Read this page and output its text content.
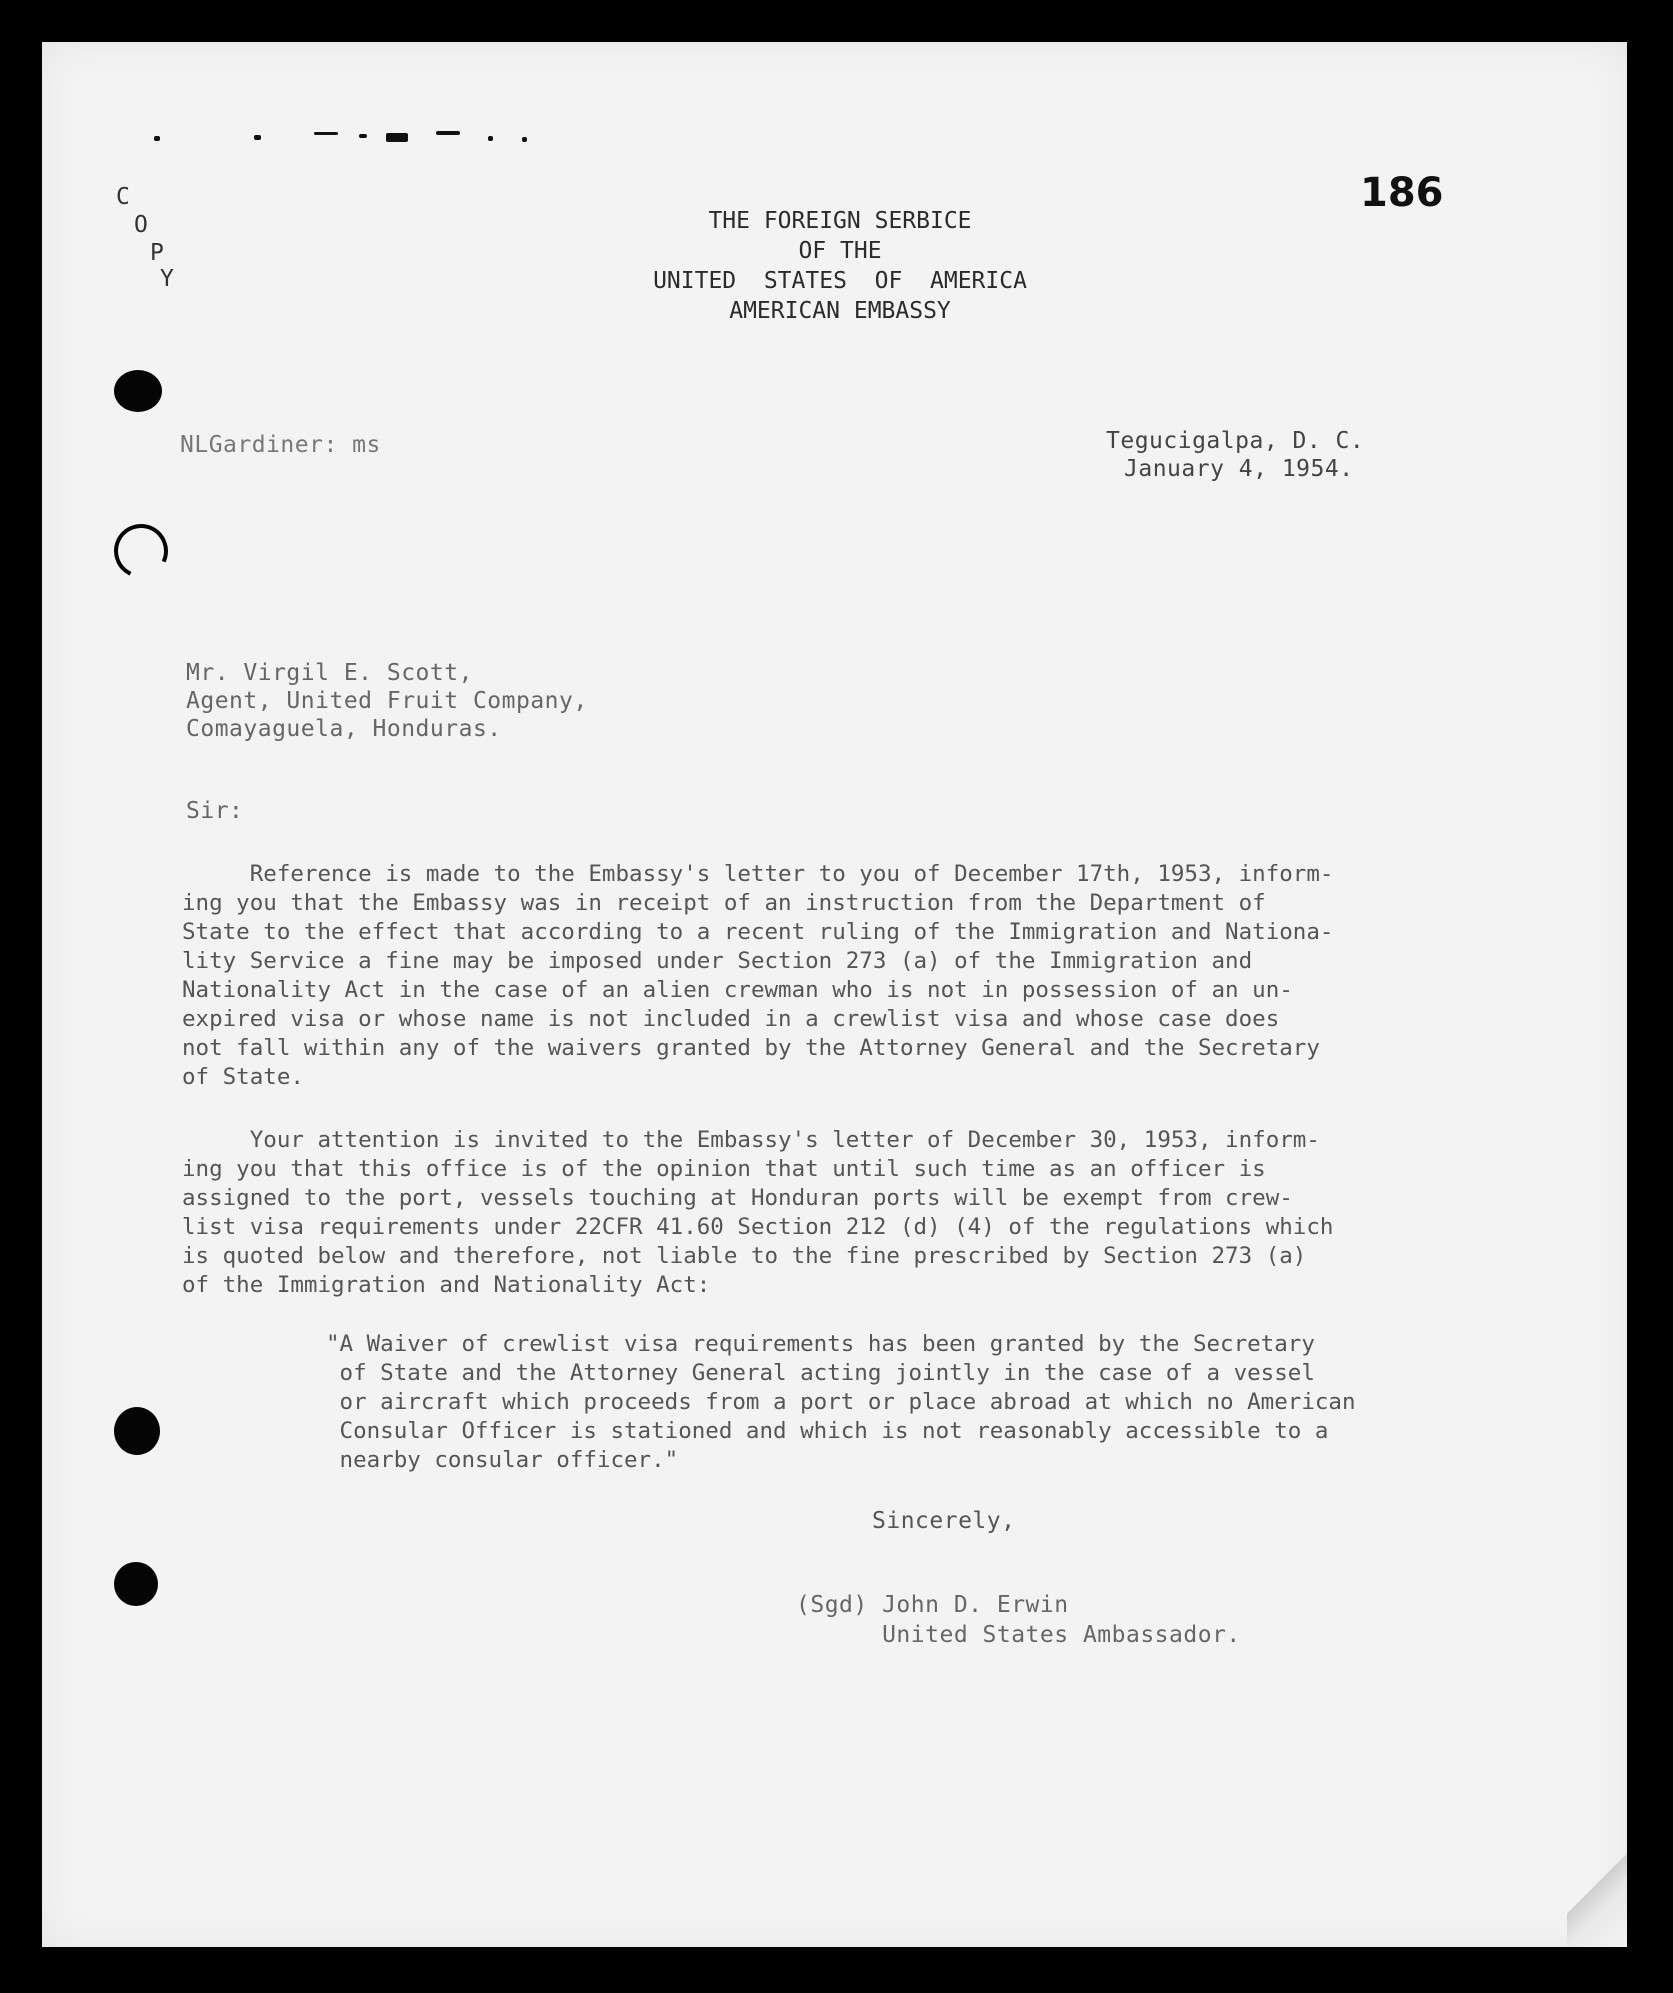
186
C
O
P
Y
THE FOREIGN SERBICE
OF THE
UNITED  STATES  OF  AMERICA
AMERICAN EMBASSY
NLGardiner: ms	Tegucigalpa, D. C.
January 4, 1954.
Mr. Virgil E. Scott,
Agent, United Fruit Company,
Comayaguela, Honduras.
Sir:
Reference is made to the Embassy's letter to you of December 17th, 1953, inform-
ing you that the Embassy was in receipt of an instruction from the Department of
State to the effect that according to a recent ruling of the Immigration and Nationa-
lity Service a fine may be imposed under Section 273 (a) of the Immigration and
Nationality Act in the case of an alien crewman who is not in possession of an un-
expired visa or whose name is not included in a crewlist visa and whose case does
not fall within any of the waivers granted by the Attorney General and the Secretary
of State.
Your attention is invited to the Embassy's letter of December 30, 1953, inform-
ing you that this office is of the opinion that until such time as an officer is
assigned to the port, vessels touching at Honduran ports will be exempt from crew-
list visa requirements under 22CFR 41.60 Section 212 (d) (4) of the regulations which
is quoted below and therefore, not liable to the fine prescribed by Section 273 (a)
of the Immigration and Nationality Act:
"A Waiver of crewlist visa requirements has been granted by the Secretary
of State and the Attorney General acting jointly in the case of a vessel
or aircraft which proceeds from a port or place abroad at which no American
Consular Officer is stationed and which is not reasonably accessible to a
nearby consular officer."
Sincerely,
(Sgd) John D. Erwin
United States Ambassador.
